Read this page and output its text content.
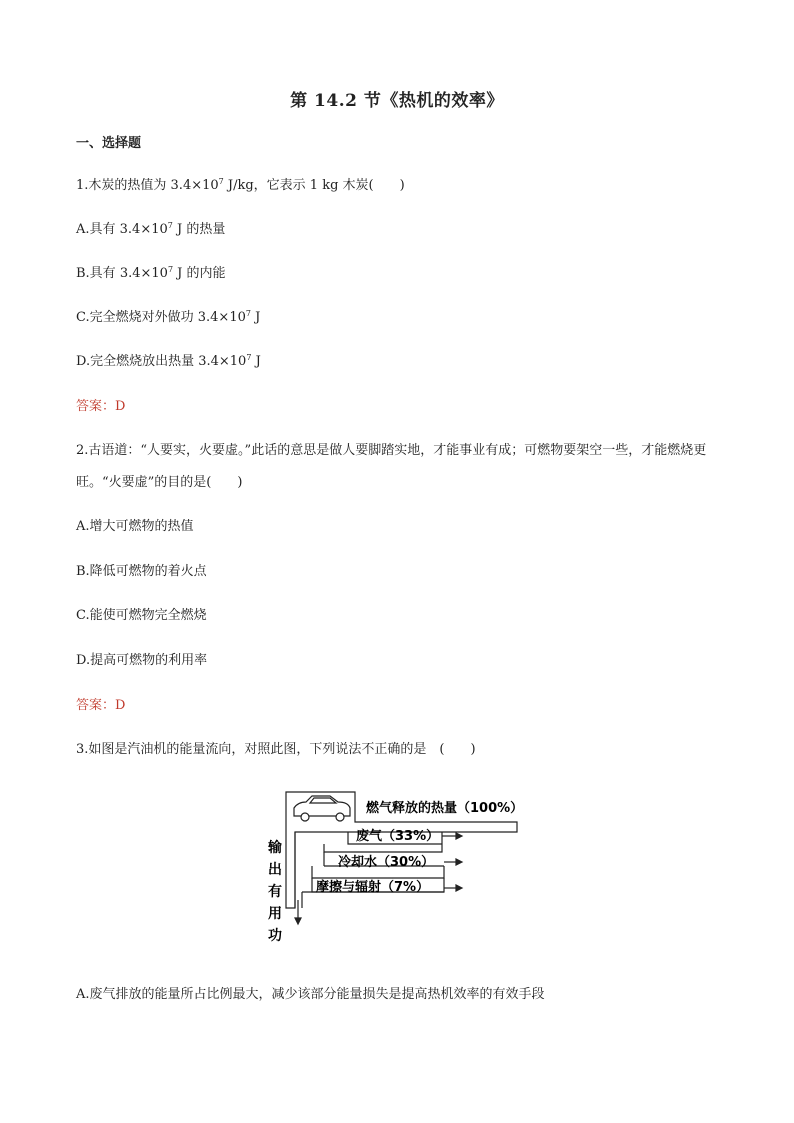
第 14.2 节《热机的效率》
一、选择题
1.木炭的热值为 $3.4\times 10^7$ J/kg，它表示 1 kg 木炭(　　)
A.具有 $3.4\times 10^7$ J 的热量
B.具有 $3.4\times 10^7$ J 的内能
C.完全燃烧对外做功 $3.4\times 10^7$ J
D.完全燃烧放出热量 $3.4\times 10^7$ J
答案：D
2.古语道：“人要实，火要虚。”此话的意思是做人要脚踏实地，才能事业有成；可燃物要架空一些，才能燃烧更旺。“火要虚”的目的是(　　)
A.增大可燃物的热值
B.降低可燃物的着火点
C.能使可燃物完全燃烧
D.提高可燃物的利用率
答案：D
3.如图是汽油机的能量流向，对照此图，下列说法不正确的是　(　　)
燃气释放的热量（100%）
废气（33%）
冷却水（30%）
摩擦与辐射（7%）
输
出
有
用
功
A.废气排放的能量所占比例最大，减少该部分能量损失是提高热机效率的有效手段
